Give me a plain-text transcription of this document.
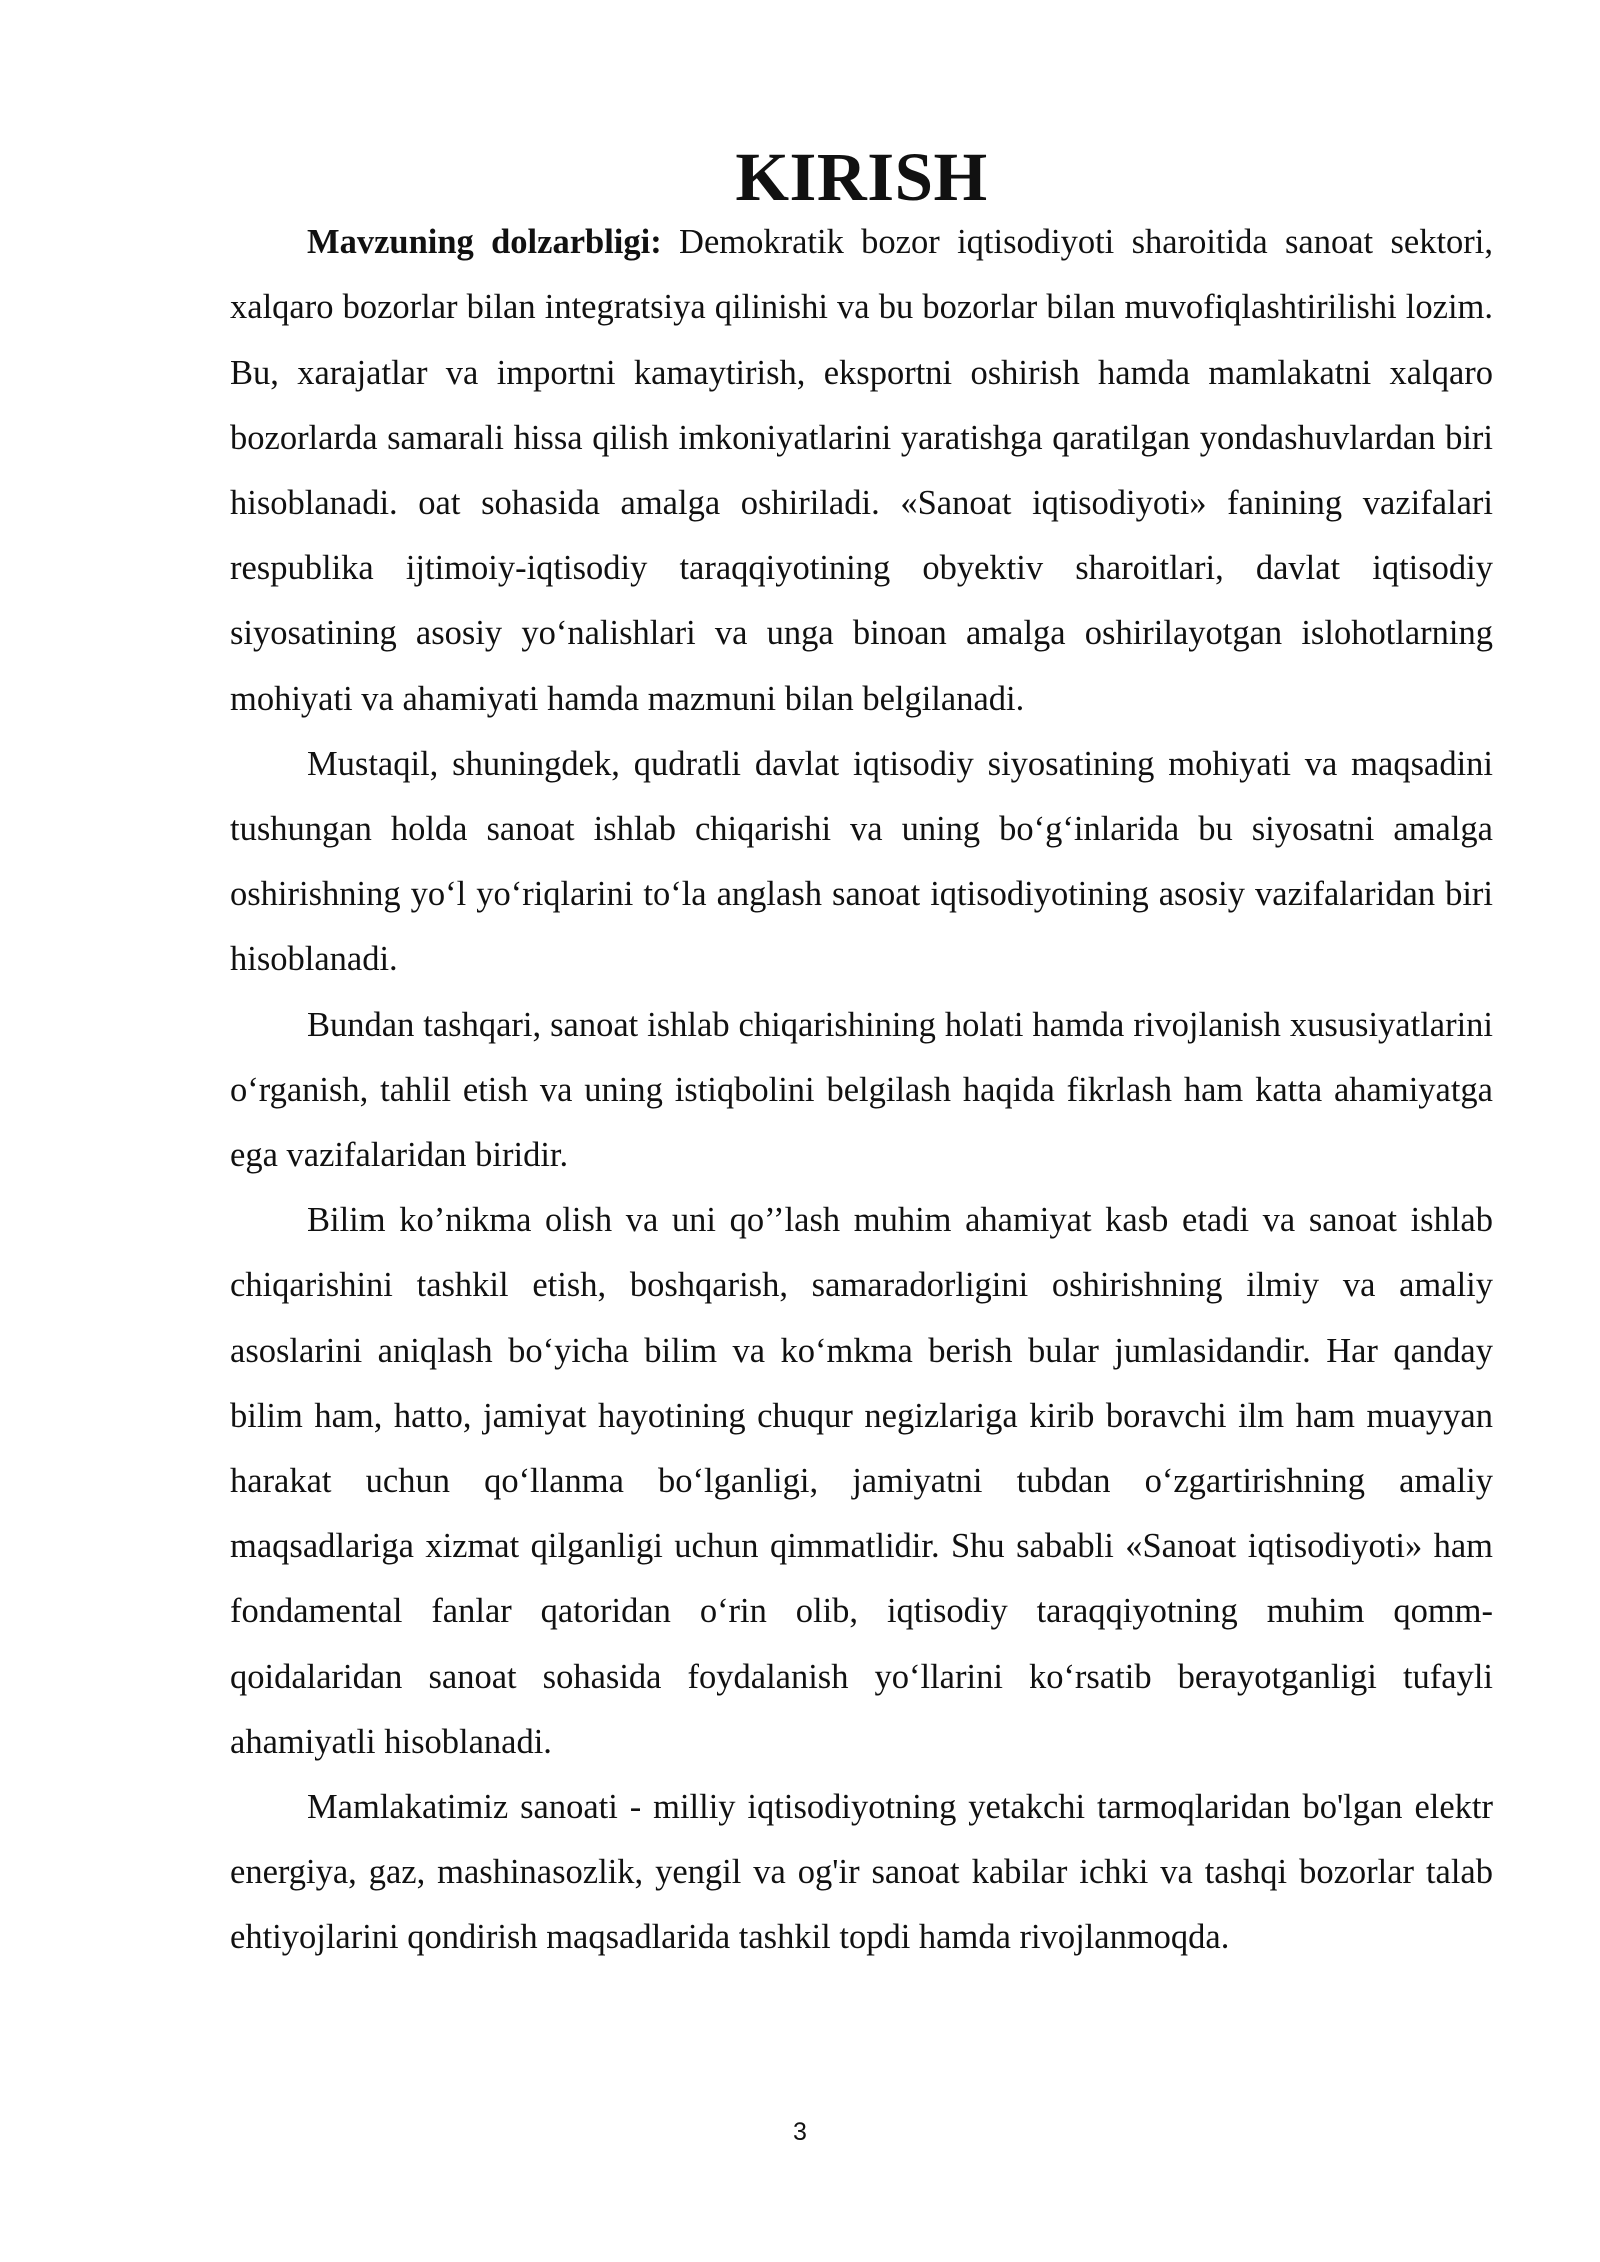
KIRISH

Mavzuning dolzarbligi: Demokratik bozor iqtisodiyoti sharoitida sanoat sektori, xalqaro bozorlar bilan integratsiya qilinishi va bu bozorlar bilan muvofiqlashtirilishi lozim. Bu, xarajatlar va importni kamaytirish, eksportni oshirish hamda mamlakatni xalqaro bozorlarda samarali hissa qilish imkoniyatlarini yaratishga qaratilgan yondashuvlardan biri hisoblanadi. oat sohasida amalga oshiriladi. «Sanoat iqtisodiyoti» fanining vazifalari respublika ijtimoiy-iqtisodiy taraqqiyotining obyektiv sharoitlari, davlat iqtisodiy siyosatining asosiy yo‘nalishlari va unga binoan amalga oshirilayotgan islohotlarning mohiyati va ahamiyati hamda mazmuni bilan belgilanadi.

Mustaqil, shuningdek, qudratli davlat iqtisodiy siyosatining mohiyati va maqsadini tushungan holda sanoat ishlab chiqarishi va uning bo‘g‘inlarida bu siyosatni amalga oshirishning yo‘l yo‘riqlarini to‘la anglash sanoat iqtisodiyotining asosiy vazifalaridan biri hisoblanadi.

Bundan tashqari, sanoat ishlab chiqarishining holati hamda rivojlanish xususiyatlarini o‘rganish, tahlil etish va uning istiqbolini belgilash haqida fikrlash ham katta ahamiyatga ega vazifalaridan biridir.

Bilim ko’nikma olish va uni qo’’lash muhim ahamiyat kasb etadi va sanoat ishlab chiqarishini tashkil etish, boshqarish, samaradorligini oshirishning ilmiy va amaliy asoslarini aniqlash bo‘yicha bilim va ko‘mkma berish bular jumlasidandir. Har qanday bilim ham, hatto, jamiyat hayotining chuqur negizlariga kirib boravchi ilm ham muayyan harakat uchun qo‘llanma bo‘lganligi, jamiyatni tubdan o‘zgartirishning amaliy maqsadlariga xizmat qilganligi uchun qimmatlidir. Shu sababli «Sanoat iqtisodiyoti» ham fondamental fanlar qatoridan o‘rin olib, iqtisodiy taraqqiyotning muhim qomm-qoidalaridan sanoat sohasida foydalanish yo‘llarini ko‘rsatib berayotganligi tufayli ahamiyatli hisoblanadi.

Mamlakatimiz sanoati - milliy iqtisodiyotning yetakchi tarmoqlaridan bo'lgan elektr energiya, gaz, mashinasozlik, yengil va og'ir sanoat kabilar ichki va tashqi bozorlar talab ehtiyojlarini qondirish maqsadlarida tashkil topdi hamda rivojlanmoqda.

3
